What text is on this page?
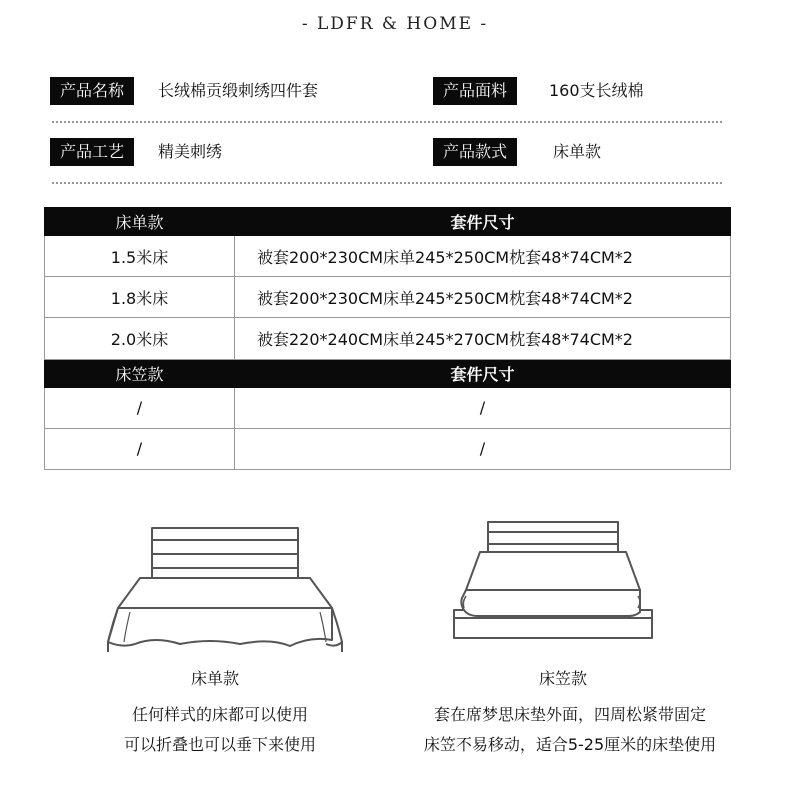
- LDFR & HOME -
产品名称	长绒棉贡缎刺绣四件套	产品面料	160支长绒棉
产品工艺	精美刺绣	产品款式	床单款
床单款	套件尺寸
1.5米床	被套200*230CM床单245*250CM枕套48*74CM*2
1.8米床	被套200*230CM床单245*250CM枕套48*74CM*2
2.0米床	被套220*240CM床单245*270CM枕套48*74CM*2
床笠款	套件尺寸
/	/
/	/
床单款
任何样式的床都可以使用
可以折叠也可以垂下来使用
床笠款
套在席梦思床垫外面，四周松紧带固定
床笠不易移动，适合5-25厘米的床垫使用
